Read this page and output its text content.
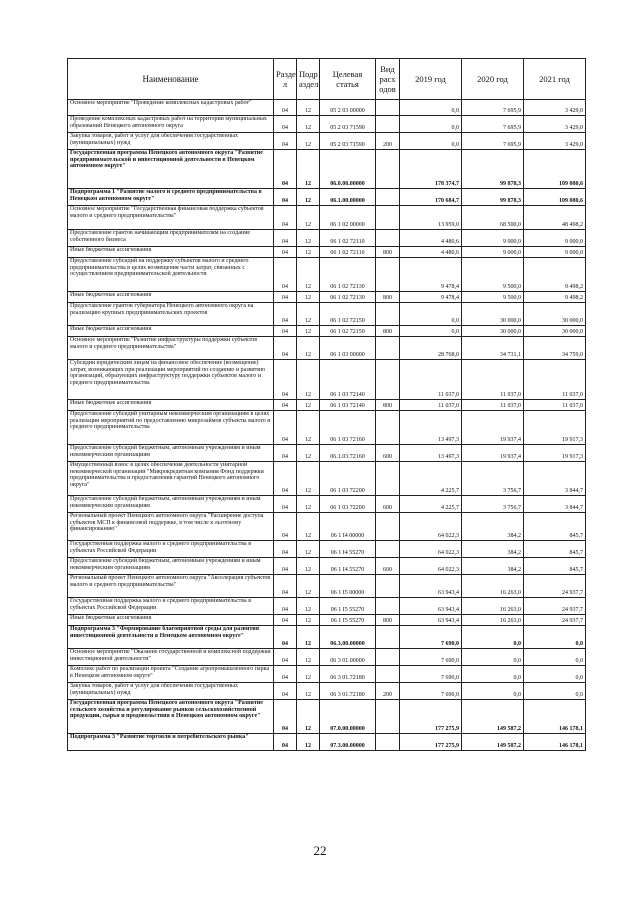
Наименование	Разде л	Подр аздел	Целевая статья	Вид расх одов	2019 год	2020 год	2021 год
Основное мероприятие "Проведение комплексных кадастровых работ"	04	12	05 2 03 00000		0,0	7 695,9	3 429,0
Проведение комплексных кадастровых работ на территории муниципальных образований Ненецкого автономного округа	04	12	05 2 03 71590		0,0	7 695,9	3 429,0
Закупка товаров, работ и услуг для обеспечения государственных (муниципальных) нужд	04	12	05 2 03 71590	200	0,0	7 695,9	3 429,0
Государственная программа Ненецкого автономного округа "Развитие предпринимательской и инвестиционной деятельности в Ненецком автономном округе"	04	12	06.0.00.00000		178 374,7	99 878,3	109 080,6
Подпрограмма 1 "Развитие малого и среднего предпринимательства в Ненецком автономном округе"	04	12	06.1.00.00000		170 684,7	99 878,3	109 080,6
Основное мероприятие "Государственная финансовая поддержка субъектов малого и среднего предпринимательства"	04	12	06 1 02 00000		13 959,0	68 500,0	48 498,2
Предоставление грантов начинающим предпринимателям на создание собственного бизнеса	04	12	06 1 02 72110		4 480,6	9 000,0	9 000,0
Иные бюджетные ассигнования	04	12	06 1 02 72110	800	4 480,6	9 000,0	9 000,0
Предоставление субсидий на поддержку субъектов малого и среднего предпринимательства в целях возмещения части затрат, связанных с осуществлением предпринимательской деятельности	04	12	06 1 02 72130		9 478,4	9 500,0	9 498,2
Иные бюджетные ассигнования	04	12	06 1 02 72130	800	9 478,4	9 500,0	9 498,2
Предоставление грантов губернатора Ненецкого автономного округа на реализацию крупных предпринимательских проектов	04	12	06 1 02 72150		0,0	30 000,0	30 000,0
Иные бюджетные ассигнования	04	12	06 1 02 72150	800	0,0	30 000,0	30 000,0
Основное мероприятие "Развитие инфраструктуры поддержки субъектов малого и среднего предпринимательства"	04	12	06 1 03 00000		28 768,0	34 731,1	34 759,0
Субсидии юридическим лицам на финансовое обеспечение (возмещение) затрат, возникающих при реализации мероприятий по созданию и развитию организаций, образующих инфраструктуру поддержки субъектов малого и среднего предпринимательства	04	12	06 1 03 72140		11 037,0	11 037,0	11 037,0
Иные бюджетные ассигнования	04	12	06 1 03 72140	800	11 037,0	11 037,0	11 037,0
Предоставление субсидий унитарным некоммерческим организациям в целях реализации мероприятий по предоставлению микрозаймов субъекты малого и среднего предпринимательства	04	12	06 1 03 72160		13 497,3	19 937,4	19 917,3
Предоставление субсидий бюджетным, автономным учреждениям и иным некоммерческим организациям	04	12	06.1.03.72160	600	13 497,3	19 937,4	19 917,3
Имущественный взнос в целях обеспечения деятельности унитарной некоммерческой организации "Микрокредитная компания Фонд поддержки предпринимательства и предоставления гарантий Ненецкого автономного округа"	04	12	06 1 03 72200		4 225,7	3 756,7	3 844,7
Предоставление субсидий бюджетным, автономным учреждениям и иным некоммерческим организациям	04	12	06 1 03 72200	600	4 225,7	3 756,7	3 844,7
Региональный проект Ненецкого автономного округа "Расширение доступа субъектов МСП к финансовой поддержке, в том числе к льготному финансированию"	04	12	06 1 I4 00000		64 022,3	384,2	845,7
Государственная поддержка малого и среднего предпринимательства в субъектах Российской Федерации	04	12	06 1 I4 55270		64 022,3	384,2	845,7
Предоставление субсидий бюджетным, автономным учреждениям и иным некоммерческим организациям	04	12	06 1 I4.55270	600	64 022,3	384,2	845,7
Региональный проект Ненецкого автономного округа "Акселерация субъектов малого и среднего предпринимательства"	04	12	06 1 I5 00000		63 943,4	16 263,0	24 937,7
Государственная поддержка малого и среднего предпринимательства в субъектах Российской Федерации	04	12	06 1 I5 55270		63 943,4	16 263,0	24 937,7
Иные бюджетные ассигнования	04	12	06 1 I5 55270	800	63 943,4	16 263,0	24 937,7
Подпрограмма 3 "Формирование благоприятной среды для развития инвестиционной деятельности в Ненецком автономном округе"	04	12	06.3.00.00000		7 690,0	0,0	0,0
Основное мероприятие "Оказание государственной и комплексной поддержки инвестиционной деятельности"	04	12	06 3 01.00000		7 690,0	0,0	0,0
Комплекс работ по реализации проекта "Создание агропромышленного парка в Ненецком автономном округе"	04	12	06 3 01.72180		7 690,0	0,0	0,0
Закупка товаров, работ и услуг для обеспечения государственных (муниципальных) нужд	04	12	06 3 01.72180	200	7 690,0	0,0	0,0
Государственная программа Ненецкого автономного округа "Развитие сельского хозяйства и регулирование рынков сельскохозяйственной продукции, сырья и продовольствия в Ненецком автономном округе"	04	12	07.0.00.00000		177 275,9	149 587,2	146 178,1
Подпрограмма 3 "Развитие торговли и потребительского рынка"	04	12	07.3.00.00000		177 275,9	149 587,2	146 178,1
22
